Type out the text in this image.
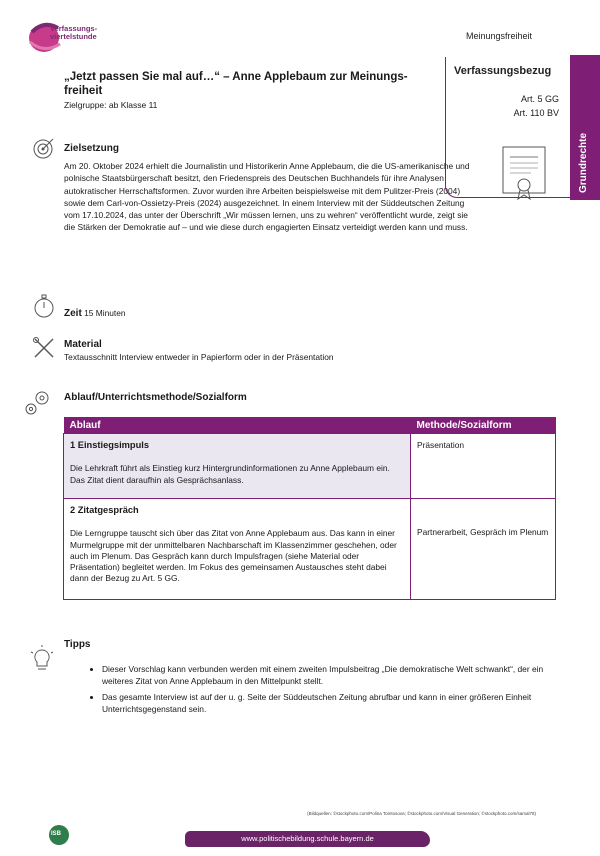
Verfassungs-
viertelstunde	Meinungsfreiheit
Grundrechte
Verfassungsbezug
Art. 5 GG
Art. 110 BV
„Jetzt passen Sie mal auf…“ – Anne Applebaum zur Meinungsfreiheit
Zielgruppe: ab Klasse 11
Zielsetzung
Am 20. Oktober 2024 erhielt die Journalistin und Historikerin Anne Applebaum, die die US-amerikanische und polnische Staatsbürgerschaft besitzt, den Friedenspreis des Deutschen Buchhandels für ihre Analysen autokratischer Herrschaftsformen. Zuvor wurden ihre Arbeiten beispielsweise mit dem Pulitzer-Preis (2004) sowie dem Carl-von-Ossietzy-Preis (2024) ausgezeichnet. In einem Interview mit der Süddeutschen Zeitung vom 17.10.2024, das unter der Überschrift „Wir müssen lernen, uns zu wehren“ veröffentlicht wurde, zeigt sie die Stärken der Demokratie auf – und wie diese durch engagierten Einsatz verteidigt werden kann und muss.
Zeit 15 Minuten
Material
Textausschnitt Interview entweder in Papierform oder in der Präsentation
Ablauf/Unterrichtsmethode/Sozialform
Ablauf	Methode/Sozialform

1 Einstiegsimpuls
Die Lehrkraft führt als Einstieg kurz Hintergrundinformationen zu Anne Applebaum ein. Das Zitat dient daraufhin als Gesprächsanlass.	Präsentation

2 Zitatgespräch
Die Lerngruppe tauscht sich über das Zitat von Anne Applebaum aus. Das kann in einer Murmelgruppe mit der unmittelbaren Nachbarschaft im Klassenzimmer geschehen, oder auch im Plenum. Das Gespräch kann durch Impulsfragen (siehe Material oder Präsentation) begleitet werden. Im Fokus des gemeinsamen Austausches steht dabei dann der Bezug zu Art. 5 GG.	Partnerarbeit, Gespräch im Plenum
Tipps
• Dieser Vorschlag kann verbunden werden mit einem zweiten Impulsbeitrag „Die demokratische Welt schwankt“, der ein weiteres Zitat von Anne Applebaum in den Mittelpunkt stellt.
• Das gesamte Interview ist auf der u. g. Seite der Süddeutschen Zeitung abrufbar und kann in einer größeren Einheit Unterrichtsgegenstand sein.
(Bildquellen: ©stockphoto.com/Polina Tomtosova; ©stockphoto.com/Visual Generation; ©stockphoto.com/samal78)
ISB	www.politischebildung.schule.bayern.de
